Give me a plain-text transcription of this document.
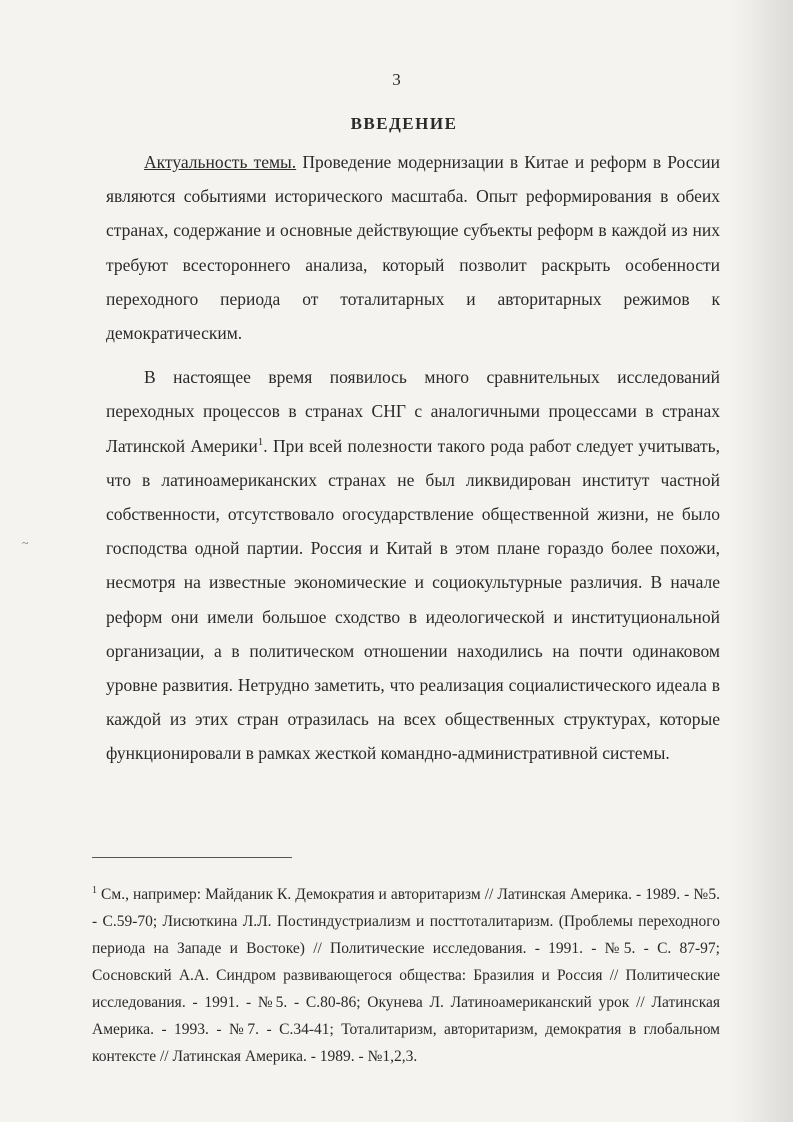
~
3
ВВЕДЕНИЕ

Актуальность темы. Проведение модернизации в Китае и реформ в России являются событиями исторического масштаба. Опыт реформирования в обеих странах, содержание и основные действующие субъекты реформ в каждой из них требуют всестороннего анализа, который позволит раскрыть особенности переходного периода от тоталитарных и авторитарных режимов к демократическим.

В настоящее время появилось много сравнительных исследований переходных процессов в странах СНГ с аналогичными процессами в странах Латинской Америки$^1$. При всей полезности такого рода работ следует учитывать, что в латиноамериканских странах не был ликвидирован институт частной собственности, отсутствовало огосударствление общественной жизни, не было господства одной партии. Россия и Китай в этом плане гораздо более похожи, несмотря на известные экономические и социокультурные различия. В начале реформ они имели большое сходство в идеологической и институциональной организации, а в политическом отношении находились на почти одинаковом уровне развития. Нетрудно заметить, что реализация социалистического идеала в каждой из этих стран отразилась на всех общественных структурах, которые функционировали в рамках жесткой командно-административной системы.

$^1$ См., например: Майданик К. Демократия и авторитаризм // Латинская Америка. - 1989. - №5. - С.59-70; Лисюткина Л.Л. Постиндустриализм и посттоталитаризм. (Проблемы переходного периода на Западе и Востоке) // Политические исследования. - 1991. - №5. - С. 87-97; Сосновский А.А. Синдром развивающегося общества: Бразилия и Россия // Политические исследования. - 1991. - №5. - С.80-86; Окунева Л. Латиноамериканский урок // Латинская Америка. - 1993. - №7. - С.34-41; Тоталитаризм, авторитаризм, демократия в глобальном контексте // Латинская Америка. - 1989. - №1,2,3.
